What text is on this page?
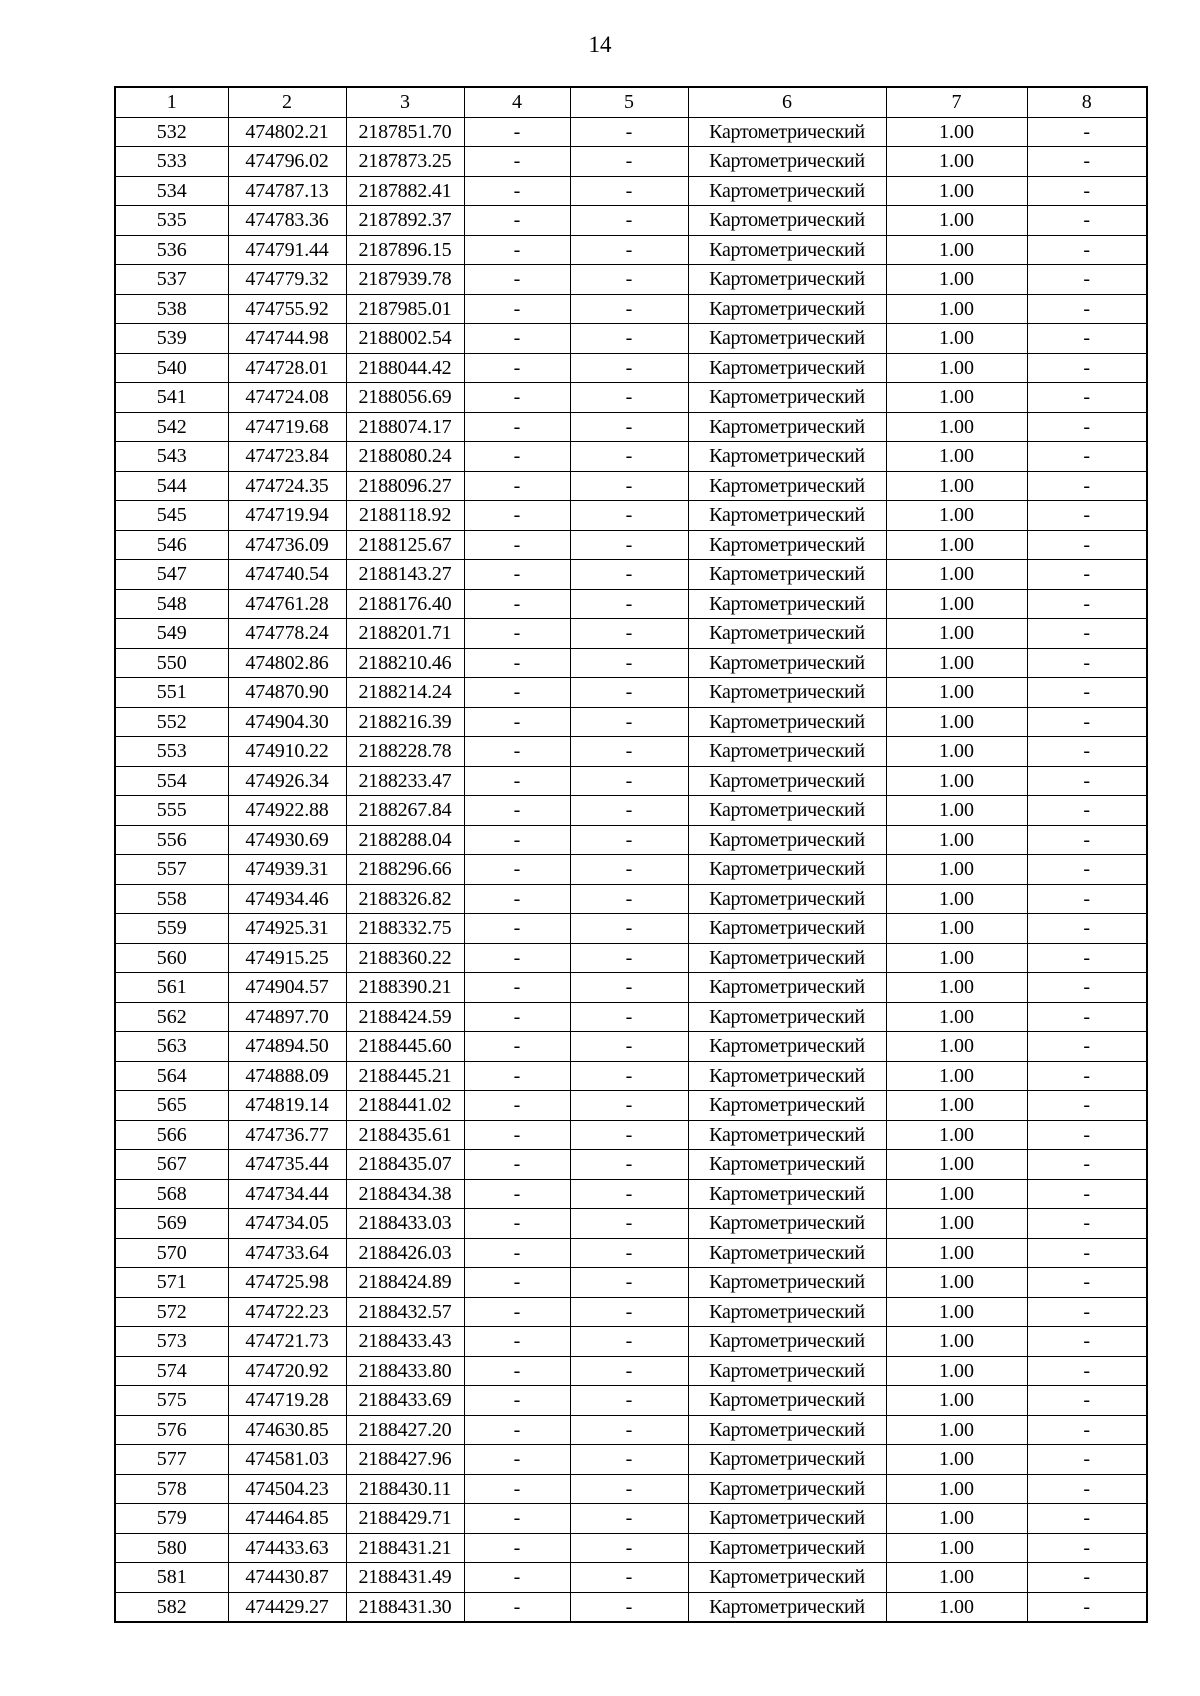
14
1	2	3	4	5	6	7	8
532	474802.21	2187851.70	-	-	Картометрический	1.00	-
533	474796.02	2187873.25	-	-	Картометрический	1.00	-
534	474787.13	2187882.41	-	-	Картометрический	1.00	-
535	474783.36	2187892.37	-	-	Картометрический	1.00	-
536	474791.44	2187896.15	-	-	Картометрический	1.00	-
537	474779.32	2187939.78	-	-	Картометрический	1.00	-
538	474755.92	2187985.01	-	-	Картометрический	1.00	-
539	474744.98	2188002.54	-	-	Картометрический	1.00	-
540	474728.01	2188044.42	-	-	Картометрический	1.00	-
541	474724.08	2188056.69	-	-	Картометрический	1.00	-
542	474719.68	2188074.17	-	-	Картометрический	1.00	-
543	474723.84	2188080.24	-	-	Картометрический	1.00	-
544	474724.35	2188096.27	-	-	Картометрический	1.00	-
545	474719.94	2188118.92	-	-	Картометрический	1.00	-
546	474736.09	2188125.67	-	-	Картометрический	1.00	-
547	474740.54	2188143.27	-	-	Картометрический	1.00	-
548	474761.28	2188176.40	-	-	Картометрический	1.00	-
549	474778.24	2188201.71	-	-	Картометрический	1.00	-
550	474802.86	2188210.46	-	-	Картометрический	1.00	-
551	474870.90	2188214.24	-	-	Картометрический	1.00	-
552	474904.30	2188216.39	-	-	Картометрический	1.00	-
553	474910.22	2188228.78	-	-	Картометрический	1.00	-
554	474926.34	2188233.47	-	-	Картометрический	1.00	-
555	474922.88	2188267.84	-	-	Картометрический	1.00	-
556	474930.69	2188288.04	-	-	Картометрический	1.00	-
557	474939.31	2188296.66	-	-	Картометрический	1.00	-
558	474934.46	2188326.82	-	-	Картометрический	1.00	-
559	474925.31	2188332.75	-	-	Картометрический	1.00	-
560	474915.25	2188360.22	-	-	Картометрический	1.00	-
561	474904.57	2188390.21	-	-	Картометрический	1.00	-
562	474897.70	2188424.59	-	-	Картометрический	1.00	-
563	474894.50	2188445.60	-	-	Картометрический	1.00	-
564	474888.09	2188445.21	-	-	Картометрический	1.00	-
565	474819.14	2188441.02	-	-	Картометрический	1.00	-
566	474736.77	2188435.61	-	-	Картометрический	1.00	-
567	474735.44	2188435.07	-	-	Картометрический	1.00	-
568	474734.44	2188434.38	-	-	Картометрический	1.00	-
569	474734.05	2188433.03	-	-	Картометрический	1.00	-
570	474733.64	2188426.03	-	-	Картометрический	1.00	-
571	474725.98	2188424.89	-	-	Картометрический	1.00	-
572	474722.23	2188432.57	-	-	Картометрический	1.00	-
573	474721.73	2188433.43	-	-	Картометрический	1.00	-
574	474720.92	2188433.80	-	-	Картометрический	1.00	-
575	474719.28	2188433.69	-	-	Картометрический	1.00	-
576	474630.85	2188427.20	-	-	Картометрический	1.00	-
577	474581.03	2188427.96	-	-	Картометрический	1.00	-
578	474504.23	2188430.11	-	-	Картометрический	1.00	-
579	474464.85	2188429.71	-	-	Картометрический	1.00	-
580	474433.63	2188431.21	-	-	Картометрический	1.00	-
581	474430.87	2188431.49	-	-	Картометрический	1.00	-
582	474429.27	2188431.30	-	-	Картометрический	1.00	-
